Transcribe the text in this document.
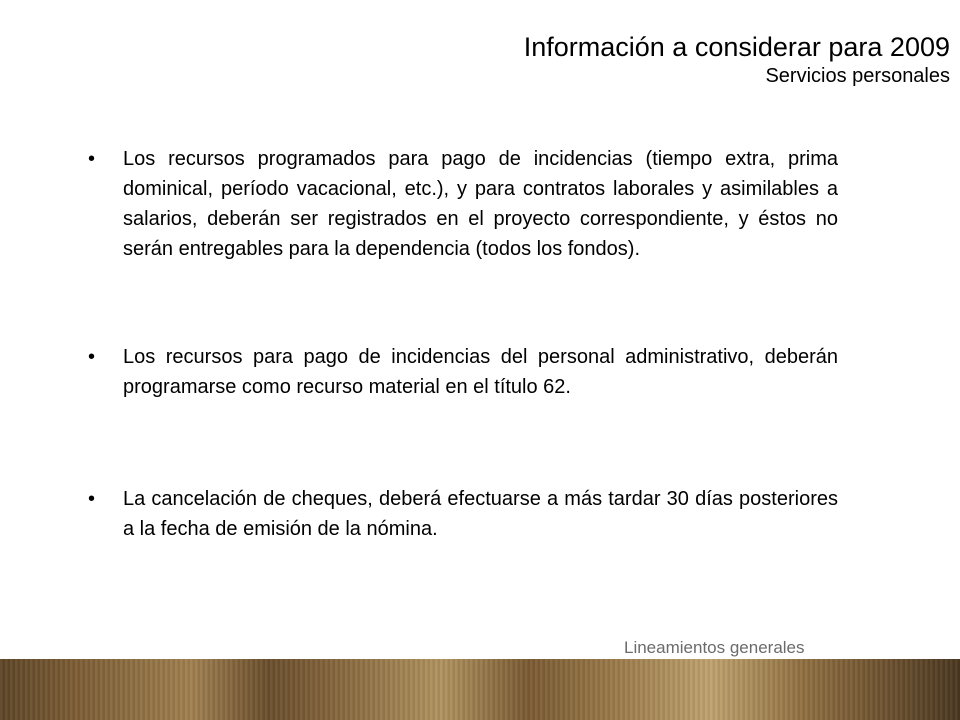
Información a considerar para 2009
Servicios personales
•	Los recursos programados para pago de incidencias (tiempo extra, prima dominical, período vacacional, etc.), y para contratos laborales y asimilables a salarios, deberán ser registrados en el proyecto correspondiente, y éstos no serán entregables para la dependencia (todos los fondos).
•	Los recursos para pago de incidencias del personal administrativo, deberán programarse como recurso material en el título 62.
•	La cancelación de cheques, deberá efectuarse a más tardar 30 días posteriores a la fecha de emisión de la nómina.
Lineamientos generales
